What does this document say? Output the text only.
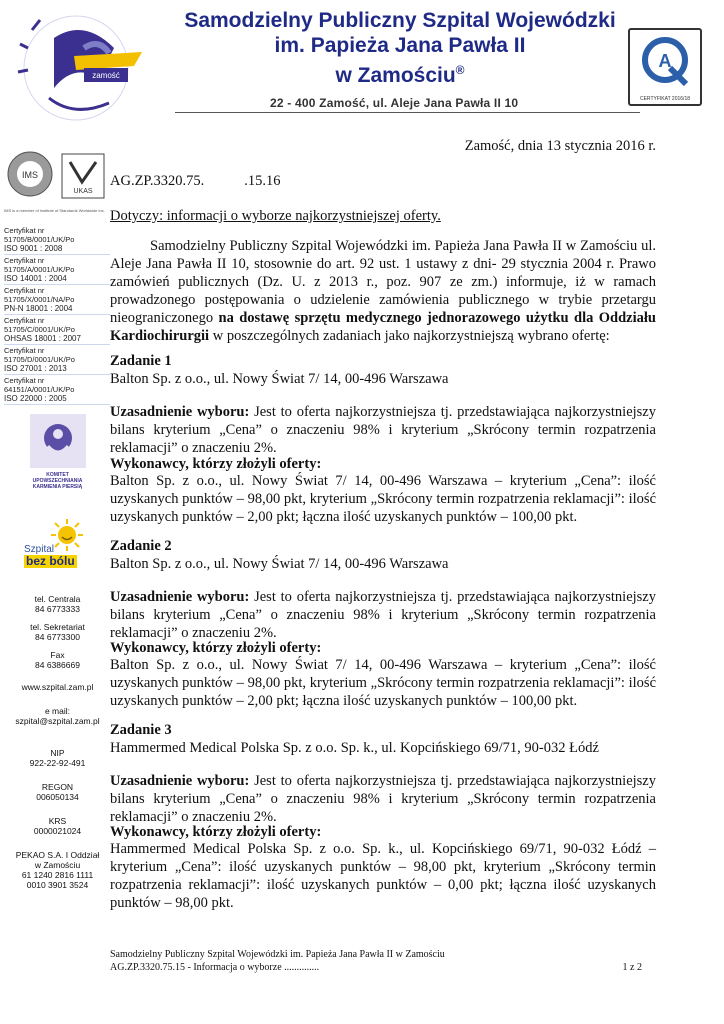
zamość
Samodzielny Publiczny Szpital Wojewódzki
im. Papieża Jana Pawła II
w Zamościu®
22 - 400 Zamość, ul. Aleje Jana Pawła II 10
A
CERTYFIKAT 2016/18
IMS
UKAS
IMS is a member of Institute of Standards Worldwide Inc.
Certyfikat nr 51705/B/0001/UK/Po
ISO 9001 : 2008
Certyfikat nr 51705/A/0001/UK/Po
ISO 14001 : 2004
Certyfikat nr 51705/X/0001/NA/Po
PN-N 18001 : 2004
Certyfikat nr 51705/C/0001/UK/Po
OHSAS 18001 : 2007
Certyfikat nr 51705/D/0001/UK/Po
ISO 27001 : 2013
Certyfikat nr 64151/A/0001/UK/Po
ISO 22000 : 2005
KOMITET UPOWSZECHNIANIA KARMIENIA PIERSIĄ
Szpital
bez bólu
tel. Centrala
84 6773333
tel. Sekretariat
84 6773300
Fax
84 6386669
www.szpital.zam.pl
e mail:
szpital@szpital.zam.pl
NIP
922-22-92-491
REGON
006050134
KRS
0000021024
PEKAO S.A. I Oddział
w Zamościu
61 1240 2816 1111
0010 3901 3524
Zamość, dnia 13 stycznia 2016 r.
AG.ZP.3320.75.	.15.16
Dotyczy: informacji o wyborze najkorzystniejszej oferty.
Samodzielny Publiczny Szpital Wojewódzki im. Papieża Jana Pawła II w Zamościu ul. Aleje Jana Pawła II 10, stosownie do art. 92 ust. 1 ustawy z dni- 29 stycznia 2004 r. Prawo zamówień publicznych (Dz. U. z 2013 r., poz. 907 ze zm.) informuje, iż w ramach prowadzonego postępowania o udzielenie zamówienia publicznego w trybie przetargu nieograniczonego na dostawę sprzętu medycznego jednorazowego użytku dla Oddziału Kardiochirurgii w poszczególnych zadaniach jako najkorzystniejszą wybrano ofertę:
Zadanie 1
Balton Sp. z o.o., ul. Nowy Świat 7/ 14, 00-496 Warszawa
Uzasadnienie wyboru: Jest to oferta najkorzystniejsza tj. przedstawiająca najkorzystniejszy bilans kryterium „Cena” o znaczeniu 98% i kryterium „Skrócony termin rozpatrzenia reklamacji” o znaczeniu 2%.
Wykonawcy, którzy złożyli oferty:
Balton Sp. z o.o., ul. Nowy Świat 7/ 14, 00-496 Warszawa – kryterium „Cena”: ilość uzyskanych punktów – 98,00 pkt, kryterium „Skrócony termin rozpatrzenia reklamacji”: ilość uzyskanych punktów – 2,00 pkt; łączna ilość uzyskanych punktów – 100,00 pkt.
Zadanie 2
Balton Sp. z o.o., ul. Nowy Świat 7/ 14, 00-496 Warszawa
Uzasadnienie wyboru: Jest to oferta najkorzystniejsza tj. przedstawiająca najkorzystniejszy bilans kryterium „Cena” o znaczeniu 98% i kryterium „Skrócony termin rozpatrzenia reklamacji” o znaczeniu 2%.
Wykonawcy, którzy złożyli oferty:
Balton Sp. z o.o., ul. Nowy Świat 7/ 14, 00-496 Warszawa – kryterium „Cena”: ilość uzyskanych punktów – 98,00 pkt, kryterium „Skrócony termin rozpatrzenia reklamacji”: ilość uzyskanych punktów – 2,00 pkt; łączna ilość uzyskanych punktów – 100,00 pkt.
Zadanie 3
Hammermed Medical Polska Sp. z o.o. Sp. k., ul. Kopcińskiego 69/71, 90-032 Łódź
Uzasadnienie wyboru: Jest to oferta najkorzystniejsza tj. przedstawiająca najkorzystniejszy bilans kryterium „Cena” o znaczeniu 98% i kryterium „Skrócony termin rozpatrzenia reklamacji” o znaczeniu 2%.
Wykonawcy, którzy złożyli oferty:
Hammermed Medical Polska Sp. z o.o. Sp. k., ul. Kopcińskiego 69/71, 90-032 Łódź – kryterium „Cena”: ilość uzyskanych punktów – 98,00 pkt, kryterium „Skrócony termin rozpatrzenia reklamacji”: ilość uzyskanych punktów – 0,00 pkt; łączna ilość uzyskanych punktów – 98,00 pkt.
Samodzielny Publiczny Szpital Wojewódzki im. Papieża Jana Pawła II w Zamościu
AG.ZP.3320.75.15 - Informacja o wyborze ..............	1 z 2
